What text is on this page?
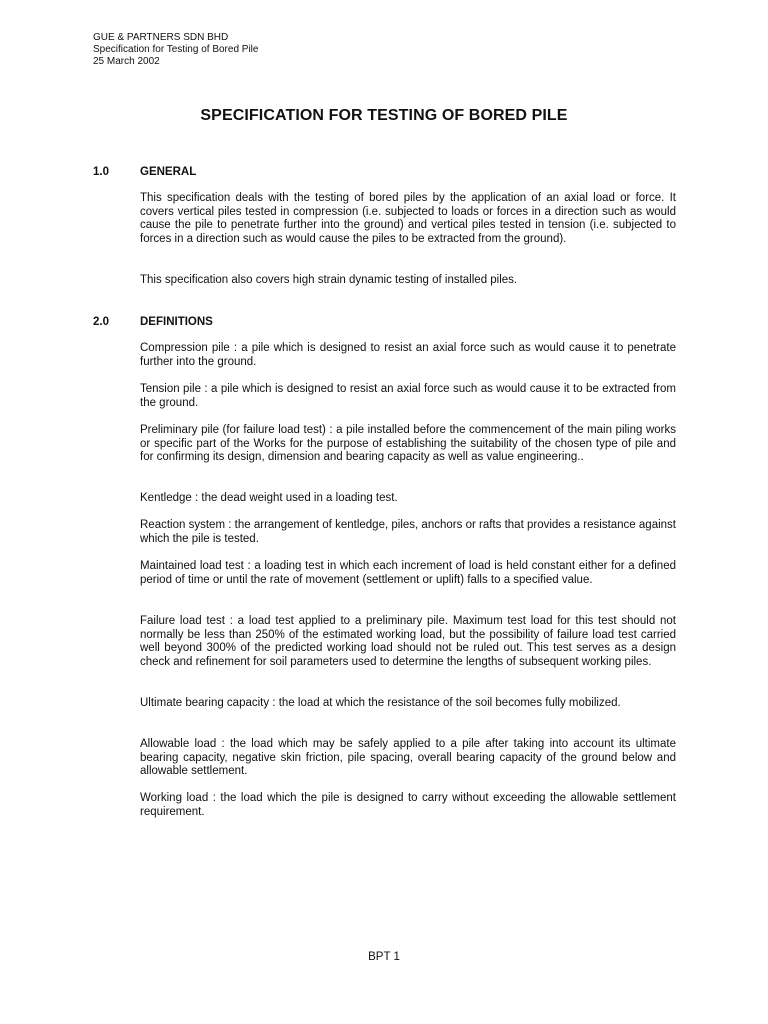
GUE & PARTNERS SDN BHD
Specification for Testing of Bored Pile
25 March 2002
SPECIFICATION FOR TESTING OF BORED PILE
1.0	GENERAL
This specification deals with the testing of bored piles by the application of an axial load or force. It covers vertical piles tested in compression (i.e. subjected to loads or forces in a direction such as would cause the pile to penetrate further into the ground) and vertical piles tested in tension (i.e. subjected to forces in a direction such as would cause the piles to be extracted from the ground).
This specification also covers high strain dynamic testing of installed piles.
2.0	DEFINITIONS
Compression pile : a pile which is designed to resist an axial force such as would cause it to penetrate further into the ground.
Tension pile : a pile which is designed to resist an axial force such as would cause it to be extracted from the ground.
Preliminary pile (for failure load test) : a pile installed before the commencement of the main piling works or specific part of the Works for the purpose of establishing the suitability of the chosen type of pile and for confirming its design, dimension and bearing capacity as well as value engineering..
Kentledge : the dead weight used in a loading test.
Reaction system : the arrangement of kentledge, piles, anchors or rafts that provides a resistance against which the pile is tested.
Maintained load test : a loading test in which each increment of load is held constant either for a defined period of time or until the rate of movement (settlement or uplift) falls to a specified value.
Failure load test : a load test applied to a preliminary pile. Maximum test load for this test should not normally be less than 250% of the estimated working load, but the possibility of failure load test carried well beyond 300% of the predicted working load should not be ruled out. This test serves as a design check and refinement for soil parameters used to determine the lengths of subsequent working piles.
Ultimate bearing capacity : the load at which the resistance of the soil becomes fully mobilized.
Allowable load : the load which may be safely applied to a pile after taking into account its ultimate bearing capacity, negative skin friction, pile spacing, overall bearing capacity of the ground below and allowable settlement.
Working load : the load which the pile is designed to carry without exceeding the allowable settlement requirement.
BPT 1
